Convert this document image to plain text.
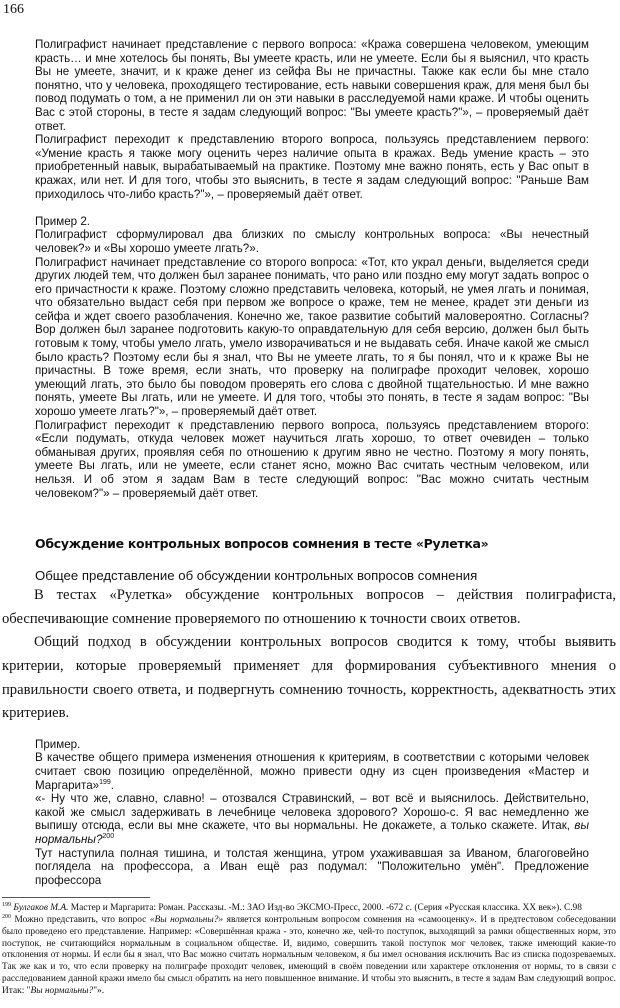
166

Полиграфист начинает представление с первого вопроса: «Кража совершена человеком, умеющим красть… и мне хотелось бы понять, Вы умеете красть, или не умеете. Если бы я выяснил, что красть Вы не умеете, значит, и к краже денег из сейфа Вы не причастны. Также как если бы мне стало понятно, что у человека, проходящего тестирование, есть навыки совершения краж, для меня был бы повод подумать о том, а не применил ли он эти навыки в расследуемой нами краже. И чтобы оценить Вас с этой стороны, в тесте я задам следующий вопрос: "Вы умеете красть?"», – проверяемый даёт ответ.

Полиграфист переходит к представлению второго вопроса, пользуясь представлением первого: «Умение красть я также могу оценить через наличие опыта в кражах. Ведь умение красть – это приобретенный навык, вырабатываемый на практике. Поэтому мне важно понять, есть у Вас опыт в кражах, или нет. И для того, чтобы это выяснить, в тесте я задам следующий вопрос: "Раньше Вам приходилось что-либо красть?"», – проверяемый даёт ответ.

Пример 2.

Полиграфист сформулировал два близких по смыслу контрольных вопроса: «Вы нечестный человек?» и «Вы хорошо умеете лгать?».

Полиграфист начинает представление со второго вопроса: «Тот, кто украл деньги, выделяется среди других людей тем, что должен был заранее понимать, что рано или поздно ему могут задать вопрос о его причастности к краже. Поэтому сложно представить человека, который, не умея лгать и понимая, что обязательно выдаст себя при первом же вопросе о краже, тем не менее, крадет эти деньги из сейфа и ждет своего разоблачения. Конечно же, такое развитие событий маловероятно. Согласны? Вор должен был заранее подготовить какую-то оправдательную для себя версию, должен был быть готовым к тому, чтобы умело лгать, умело изворачиваться и не выдавать себя. Иначе какой же смысл было красть? Поэтому если бы я знал, что Вы не умеете лгать, то я бы понял, что и к краже Вы не причастны. В тоже время, если знать, что проверку на полиграфе проходит человек, хорошо умеющий лгать, это было бы поводом проверять его слова с двойной тщательностью. И мне важно понять, умеете Вы лгать, или не умеете. И для того, чтобы это понять, в тесте я задам вопрос: "Вы хорошо умеете лгать?"», – проверяемый даёт ответ.

Полиграфист переходит к представлению первого вопроса, пользуясь представлением второго: «Если подумать, откуда человек может научиться лгать хорошо, то ответ очевиден – только обманывая других, проявляя себя по отношению к другим явно не честно. Поэтому я могу понять, умеете Вы лгать, или не умеете, если станет ясно, можно Вас считать честным человеком, или нельзя. И об этом я задам Вам в тесте следующий вопрос: "Вас можно считать честным человеком?"» – проверяемый даёт ответ.

Обсуждение контрольных вопросов сомнения в тесте «Рулетка»
Общее представление об обсуждении контрольных вопросов сомнения

В тестах «Рулетка» обсуждение контрольных вопросов – действия полиграфиста, обеспечивающие сомнение проверяемого по отношению к точности своих ответов.

Общий подход в обсуждении контрольных вопросов сводится к тому, чтобы выявить критерии, которые проверяемый применяет для формирования субъективного мнения о правильности своего ответа, и подвергнуть сомнению точность, корректность, адекватность этих критериев.

Пример.

В качестве общего примера изменения отношения к критериям, в соответствии с которыми человек считает свою позицию определённой, можно привести одну из сцен произведения «Мастер и Маргарита»$^{199}$.

«- Ну что же, славно, славно! – отозвался Стравинский, – вот всё и выяснилось. Действительно, какой же смысл задерживать в лечебнице человека здорового? Хорошо-с. Я вас немедленно же выпишу отсюда, если вы мне скажете, что вы нормальны. Не докажете, а только скажете. Итак, вы нормальны?$^{200}$

Тут наступила полная тишина, и толстая женщина, утром ухаживавшая за Иваном, благоговейно поглядела на профессора, а Иван ещё раз подумал: "Положительно умён". Предложение профессора

$^{199}$ Булгаков М.А. Мастер и Маргарита: Роман. Рассказы. -М.: ЗАО Изд-во ЭКСМО-Пресс, 2000. -672 с. (Серия «Русская классика. XX век»). С.98

$^{200}$ Можно представить, что вопрос «Вы нормальны?» является контрольным вопросом сомнения на «самооценку». И в предтестовом собеседовании было проведено его представление. Например: «Совершённая кража - это, конечно же, чей-то поступок, выходящий за рамки общественных норм, это поступок, не считающийся нормальным в социальном обществе. И, видимо, совершить такой поступок мог человек, также имеющий какие-то отклонения от нормы. И если бы я знал, что Вас можно считать нормальным человеком, я бы имел основания исключить Вас из списка подозреваемых. Так же как и то, что если проверку на полиграфе проходит человек, имеющий в своём поведении или характере отклонения от нормы, то в связи с расследованием данной кражи имело бы смысл обратить на него повышенное внимание. И чтобы это выяснить, в тесте я задам Вам следующий вопрос. Итак: "Вы нормальны?"».
